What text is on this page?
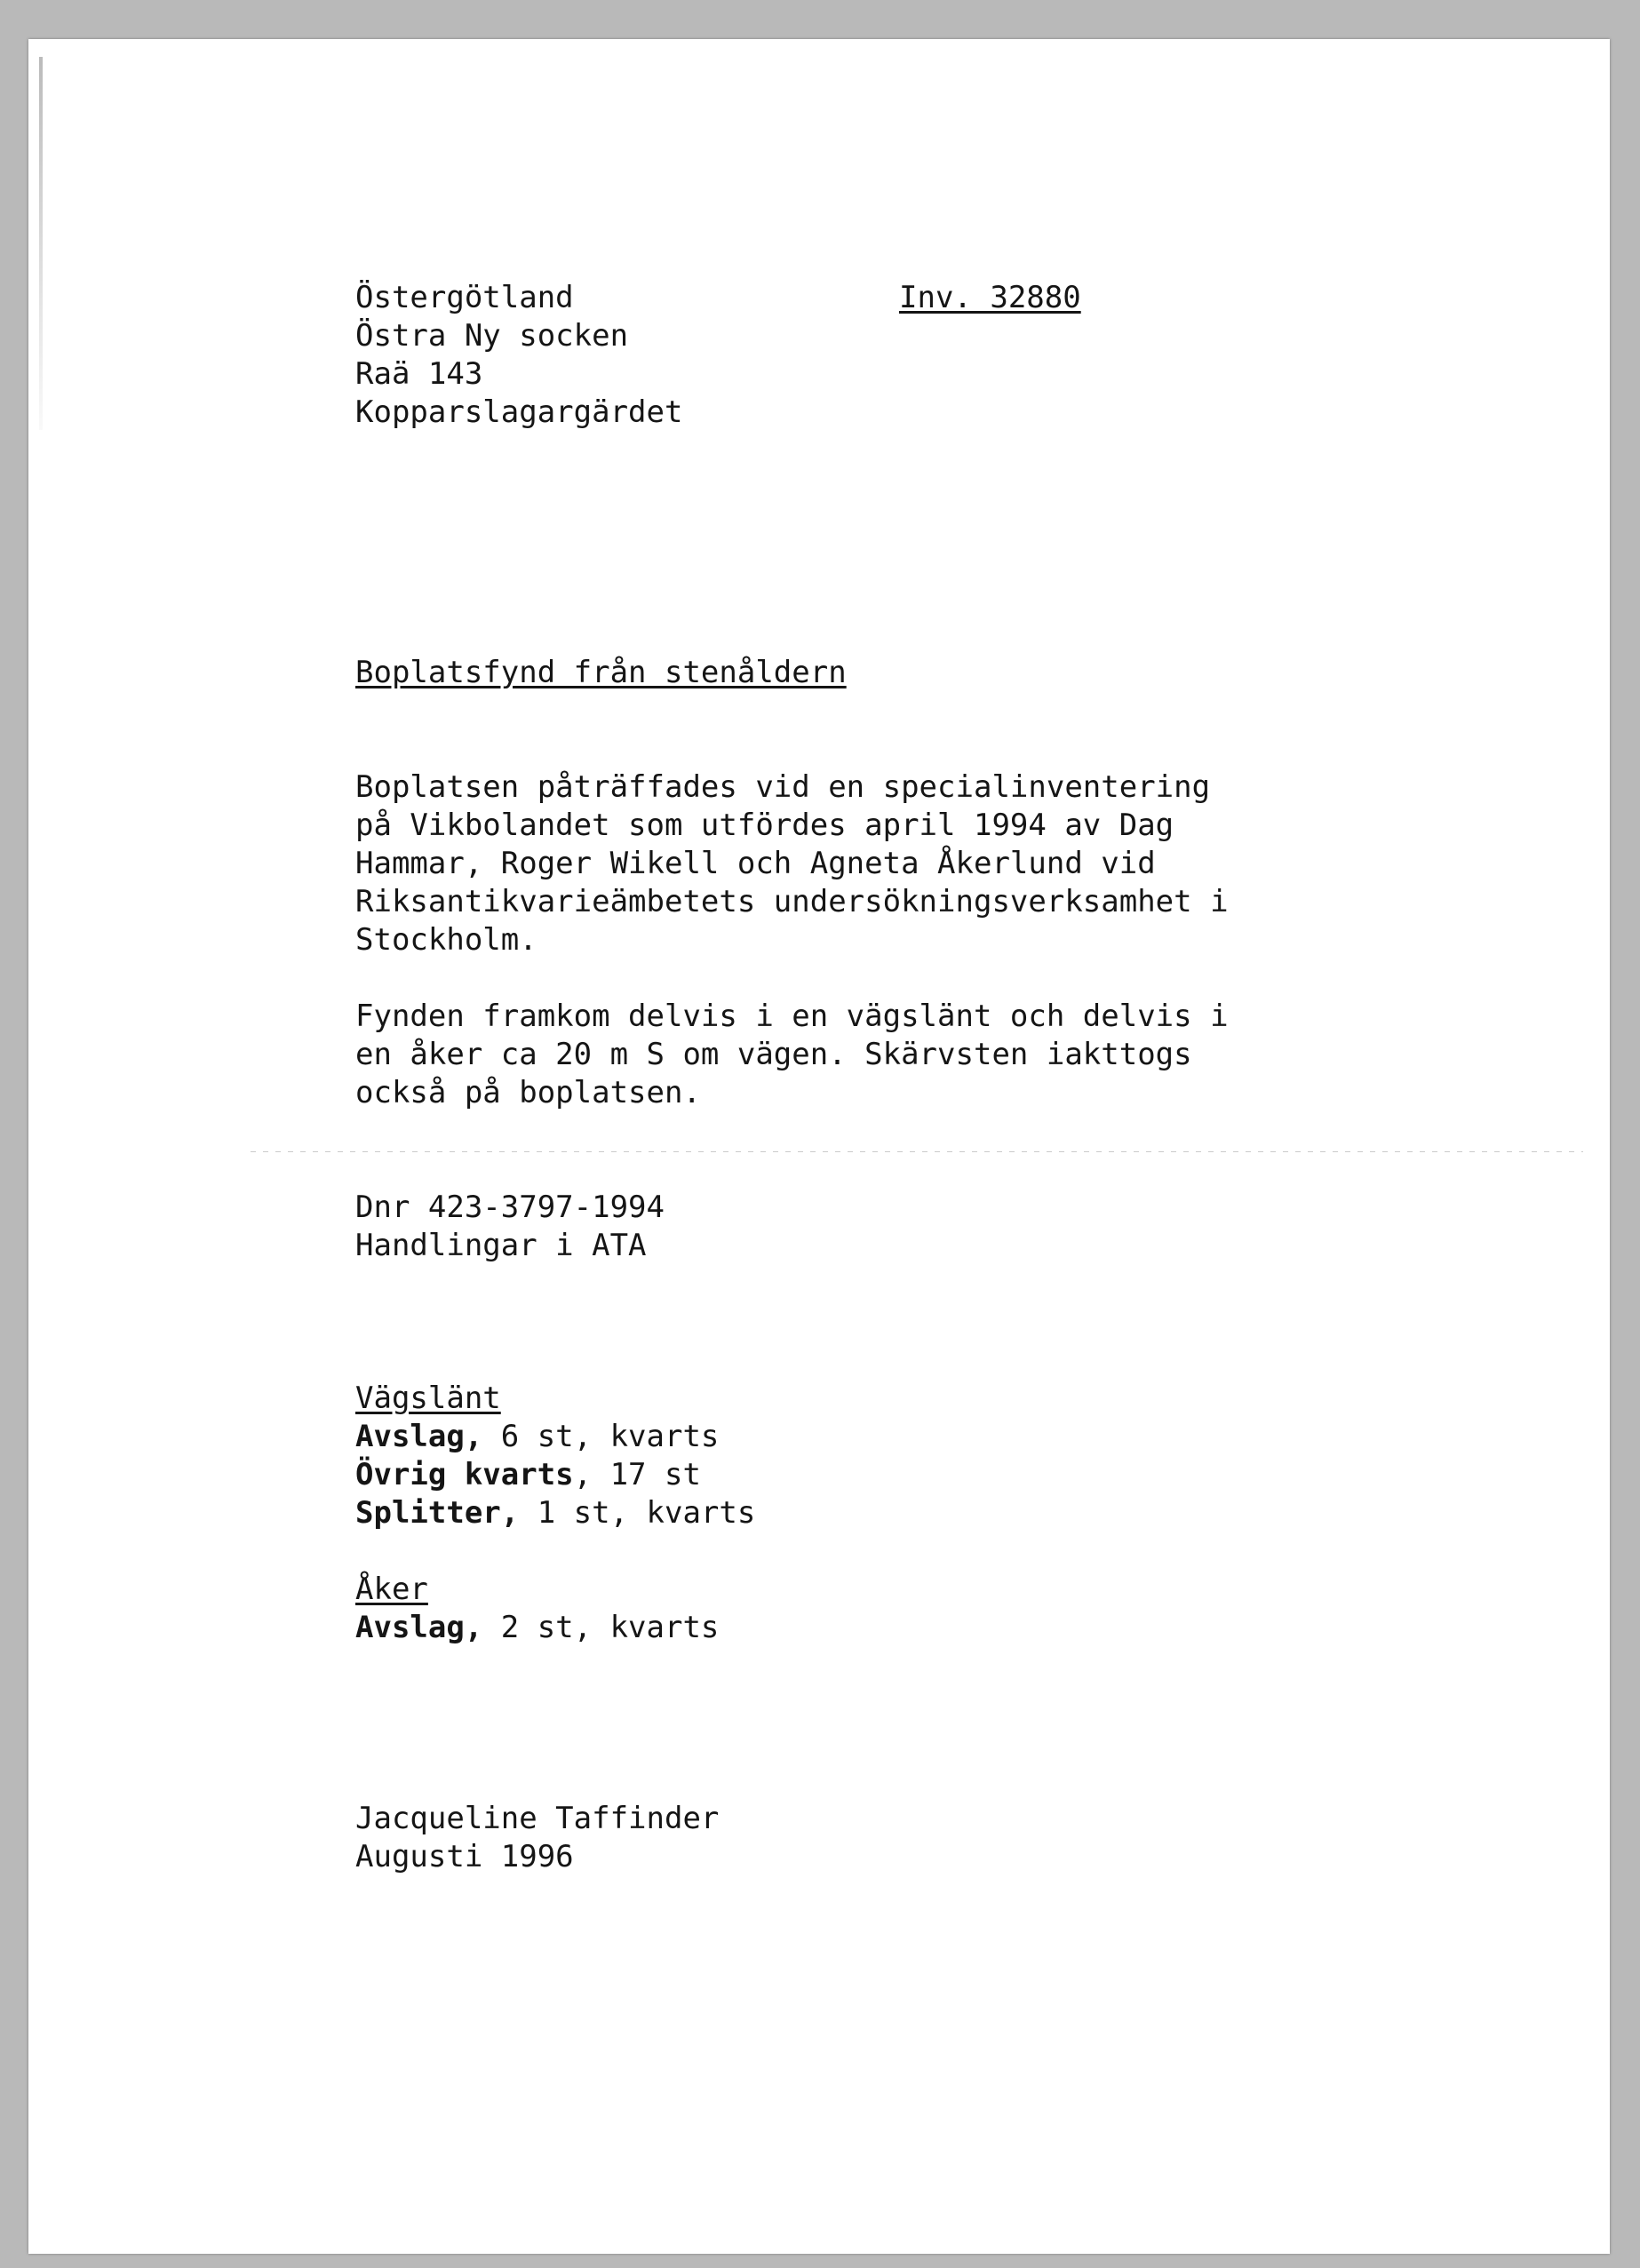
Östergötland
Östra Ny socken
Raä 143
Kopparslagargärdet
Inv. 32880
Boplatsfynd från stenåldern
Boplatsen påträffades vid en specialinventering
på Vikbolandet som utfördes april 1994 av Dag
Hammar, Roger Wikell och Agneta Åkerlund vid
Riksantikvarieämbetets undersökningsverksamhet i
Stockholm.
Fynden framkom delvis i en vägslänt och delvis i
en åker ca 20 m S om vägen. Skärvsten iakttogs
också på boplatsen.
Dnr 423-3797-1994
Handlingar i ATA
Vägslänt
Avslag, 6 st, kvarts
Övrig kvarts, 17 st
Splitter, 1 st, kvarts
Åker
Avslag, 2 st, kvarts
Jacqueline Taffinder
Augusti 1996
